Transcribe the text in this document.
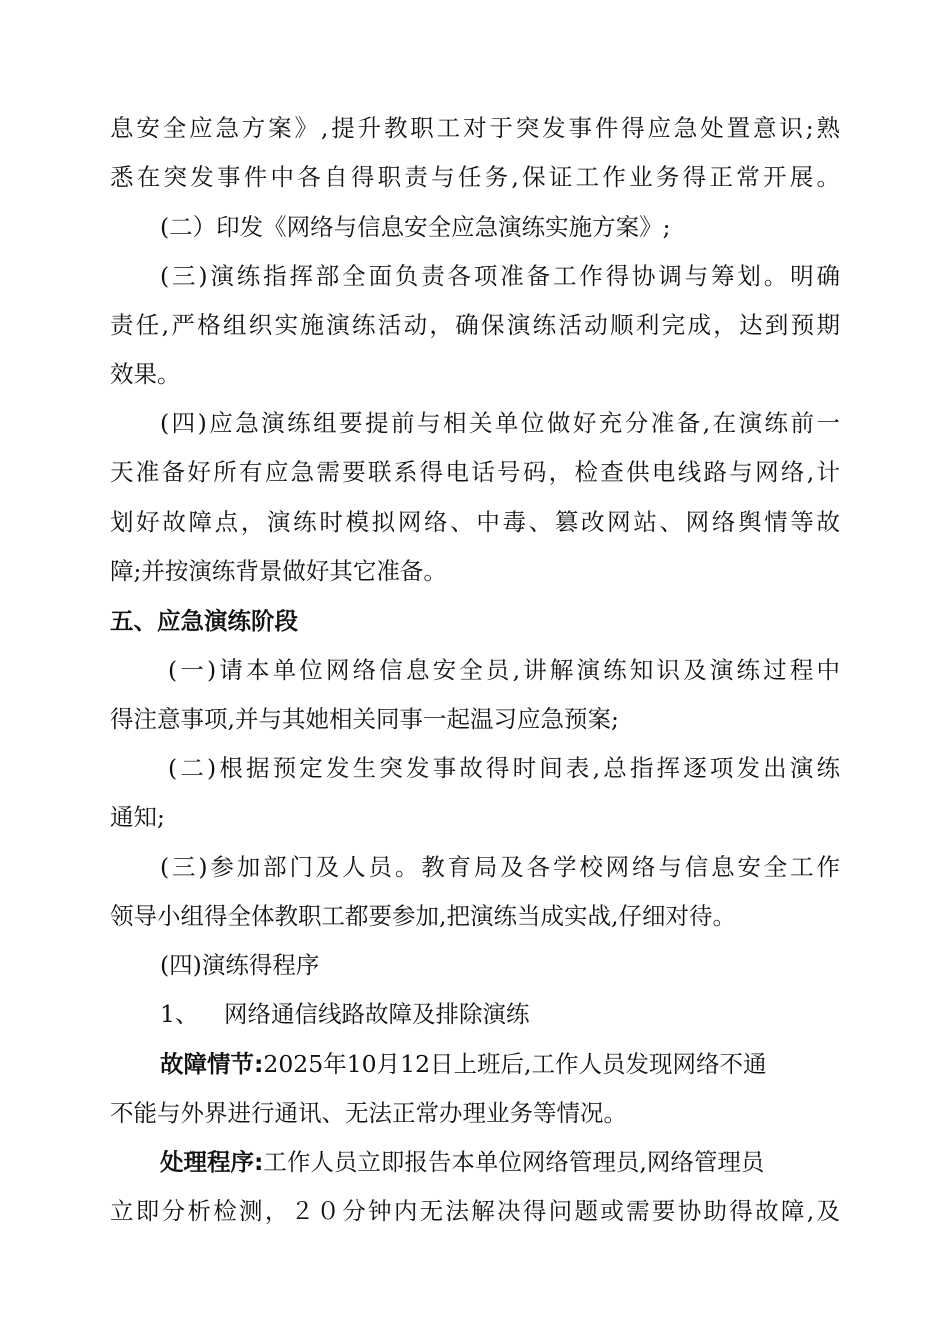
息安全应急方案》,提升教职工对于突发事件得应急处置意识;熟
悉在突发事件中各自得职责与任务,保证工作业务得正常开展。
(二）印发《网络与信息安全应急演练实施方案》;
(三)演练指挥部全面负责各项准备工作得协调与筹划。明确
责任,严格组织实施演练活动，确保演练活动顺利完成，达到预期
效果。
(四)应急演练组要提前与相关单位做好充分准备,在演练前一
天准备好所有应急需要联系得电话号码，检查供电线路与网络,计
划好故障点，演练时模拟网络、中毒、篡改网站、网络舆情等故
障;并按演练背景做好其它准备。
五、应急演练阶段
(一)请本单位网络信息安全员,讲解演练知识及演练过程中
得注意事项,并与其她相关同事一起温习应急预案;
(二)根据预定发生突发事故得时间表,总指挥逐项发出演练
通知;
(三)参加部门及人员。教育局及各学校网络与信息安全工作
领导小组得全体教职工都要参加,把演练当成实战,仔细对待。
(四)演练得程序
1、 网络通信线路故障及排除演练
故障情节:2025年10月12日上班后,工作人员发现网络不通
不能与外界进行通讯、无法正常办理业务等情况。
处理程序:工作人员立即报告本单位网络管理员,网络管理员
立即分析检测，２０分钟内无法解决得问题或需要协助得故障,及
